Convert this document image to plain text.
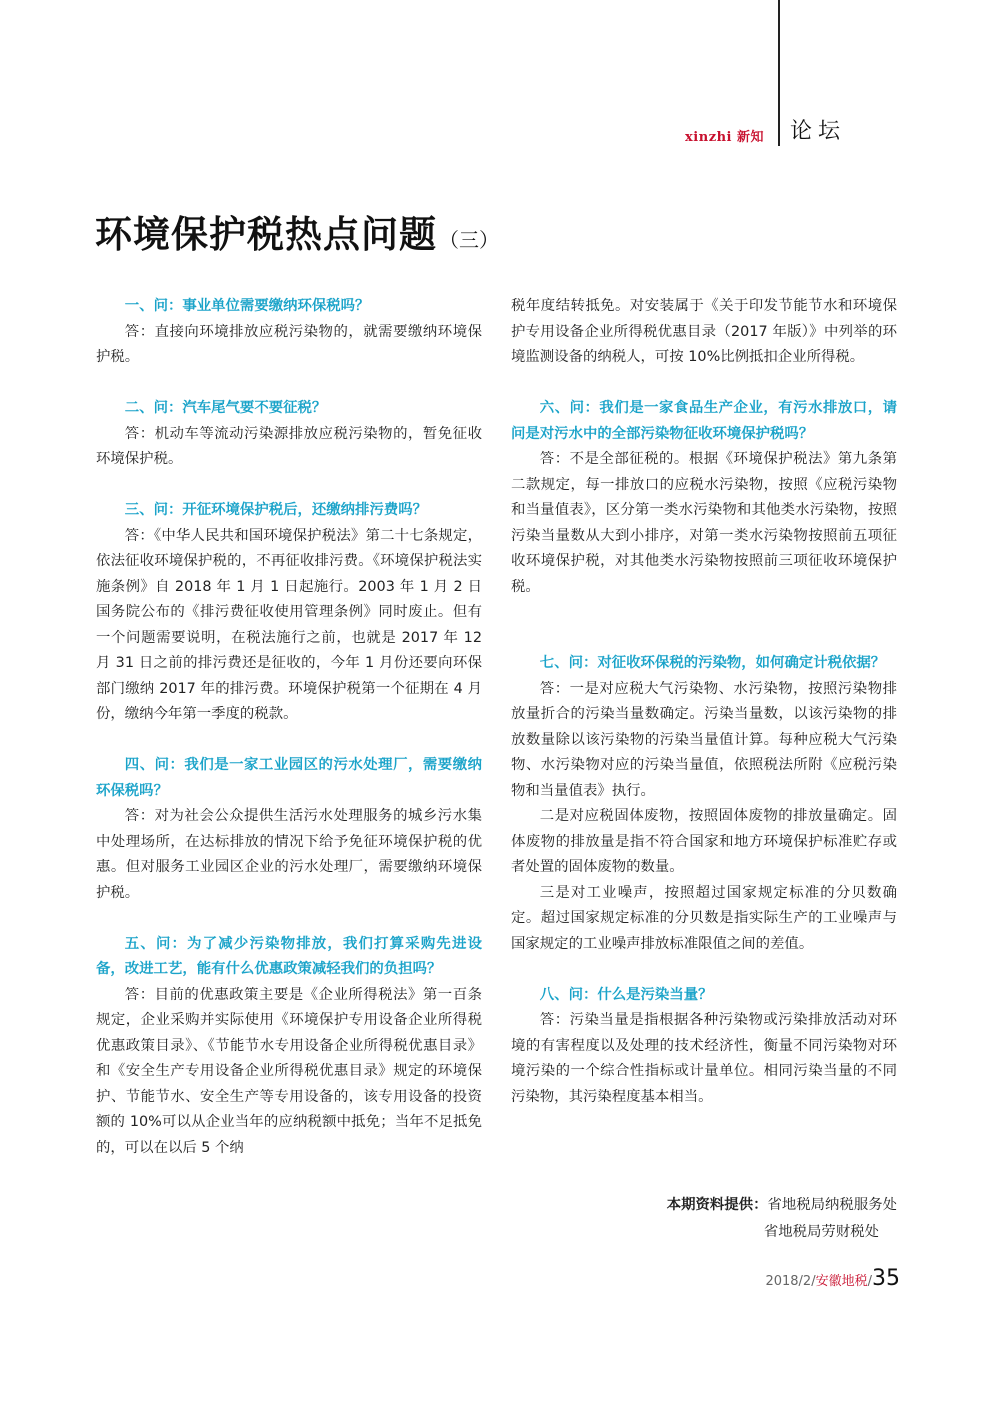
xinzhi 新知 论坛
环境保护税热点问题 （三）

一、问：事业单位需要缴纳环保税吗？

答：直接向环境排放应税污染物的，就需要缴纳环境保护税。

二、问：汽车尾气要不要征税？

答：机动车等流动污染源排放应税污染物的，暂免征收环境保护税。

三、问：开征环境保护税后，还缴纳排污费吗？

答：《中华人民共和国环境保护税法》第二十七条规定，依法征收环境保护税的，不再征收排污费。《环境保护税法实施条例》自 2018 年 1 月 1 日起施行。2003 年 1 月 2 日国务院公布的《排污费征收使用管理条例》同时废止。但有一个问题需要说明，在税法施行之前，也就是 2017 年 12 月 31 日之前的排污费还是征收的，今年 1 月份还要向环保部门缴纳 2017 年的排污费。环境保护税第一个征期在 4 月份，缴纳今年第一季度的税款。

四、问：我们是一家工业园区的污水处理厂，需要缴纳环保税吗？

答：对为社会公众提供生活污水处理服务的城乡污水集中处理场所，在达标排放的情况下给予免征环境保护税的优惠。但对服务工业园区企业的污水处理厂，需要缴纳环境保护税。

五、问：为了减少污染物排放，我们打算采购先进设备，改进工艺，能有什么优惠政策减轻我们的负担吗？

答：目前的优惠政策主要是《企业所得税法》第一百条规定，企业采购并实际使用《环境保护专用设备企业所得税优惠政策目录》、《节能节水专用设备企业所得税优惠目录》和《安全生产专用设备企业所得税优惠目录》规定的环境保护、节能节水、安全生产等专用设备的，该专用设备的投资额的 10%可以从企业当年的应纳税额中抵免；当年不足抵免的，可以在以后 5 个纳

税年度结转抵免。对安装属于《关于印发节能节水和环境保护专用设备企业所得税优惠目录（2017 年版）》中列举的环境监测设备的纳税人，可按 10%比例抵扣企业所得税。

六、问：我们是一家食品生产企业，有污水排放口，请问是对污水中的全部污染物征收环境保护税吗？

答：不是全部征税的。根据《环境保护税法》第九条第二款规定，每一排放口的应税水污染物，按照《应税污染物和当量值表》，区分第一类水污染物和其他类水污染物，按照污染当量数从大到小排序，对第一类水污染物按照前五项征收环境保护税，对其他类水污染物按照前三项征收环境保护税。

七、问：对征收环保税的污染物，如何确定计税依据？

答：一是对应税大气污染物、水污染物，按照污染物排放量折合的污染当量数确定。污染当量数，以该污染物的排放数量除以该污染物的污染当量值计算。每种应税大气污染物、水污染物对应的污染当量值，依照税法所附《应税污染物和当量值表》执行。

二是对应税固体废物，按照固体废物的排放量确定。固体废物的排放量是指不符合国家和地方环境保护标准贮存或者处置的固体废物的数量。

三是对工业噪声，按照超过国家规定标准的分贝数确定。超过国家规定标准的分贝数是指实际生产的工业噪声与国家规定的工业噪声排放标准限值之间的差值。

八、问：什么是污染当量？

答：污染当量是指根据各种污染物或污染排放活动对环境的有害程度以及处理的技术经济性，衡量不同污染物对环境污染的一个综合性指标或计量单位。相同污染当量的不同污染物，其污染程度基本相当。

本期资料提供：省地税局纳税服务处
省地税局劳财税处
2018/2/安徽地税/35
